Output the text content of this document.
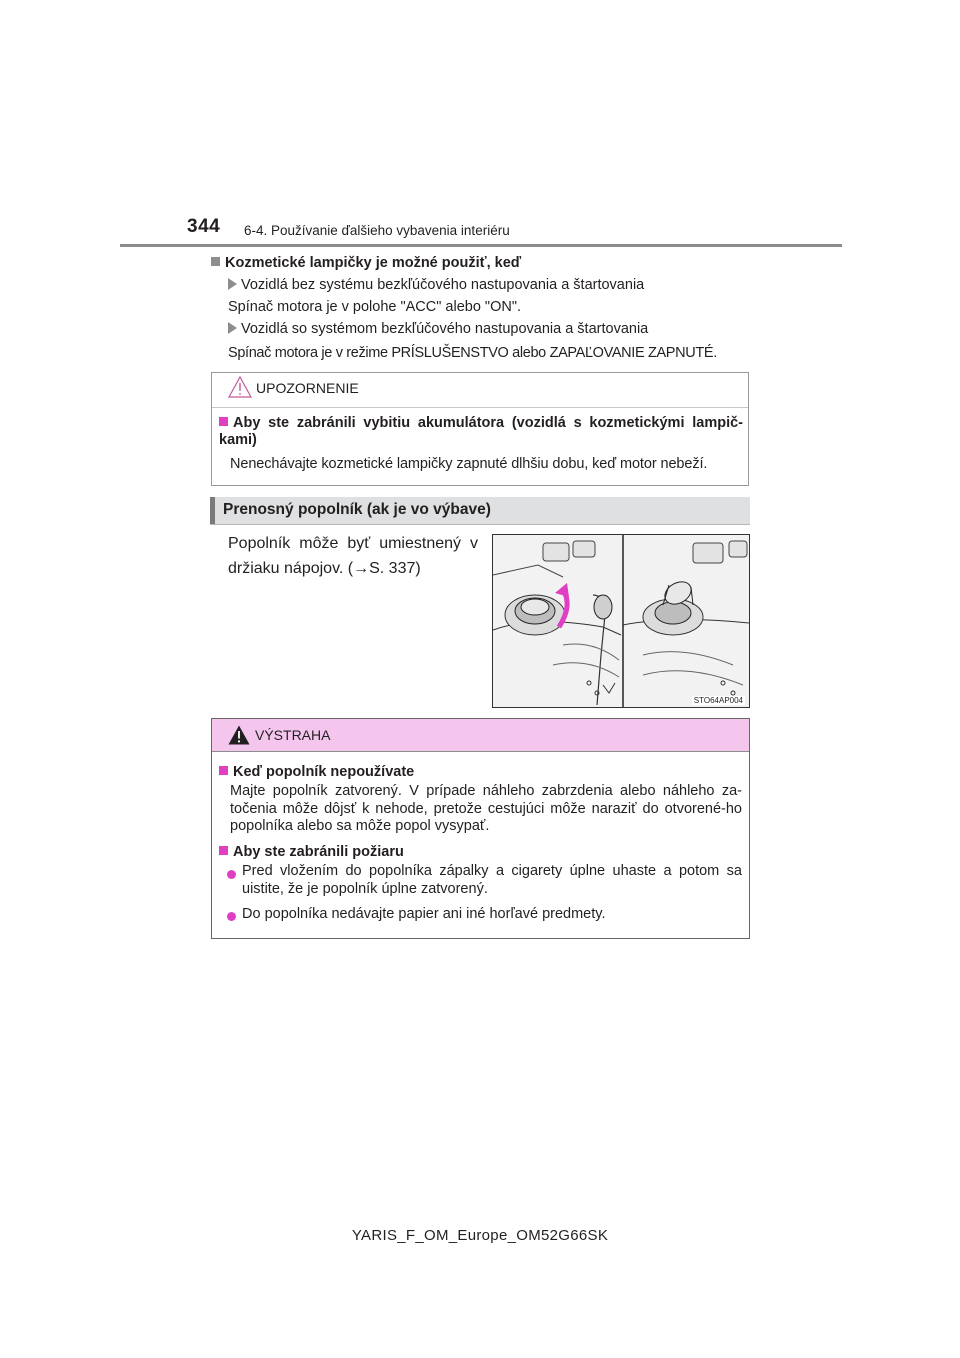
344 6-4. Používanie ďalšieho vybavenia interiéru
Kozmetické lampičky je možné použiť, keď
Vozidlá bez systému bezkľúčového nastupovania a štartovania
Spínač motora je v polohe "ACC" alebo "ON".
Vozidlá so systémom bezkľúčového nastupovania a štartovania
Spínač motora je v režime PRÍSLUŠENSTVO alebo ZAPAĽOVANIE ZAPNUTÉ.
UPOZORNENIE
Aby ste zabránili vybitiu akumulátora (vozidlá s kozmetickými lampič-kami)
Nenechávajte kozmetické lampičky zapnuté dlhšiu dobu, keď motor nebeží.
Prenosný popolník (ak je vo výbave)
Popolník môže byť umiestnený v držiaku nápojov. (→S. 337)
STO64AP004
VÝSTRAHA
Keď popolník nepoužívate
Majte popolník zatvorený. V prípade náhleho zabrzdenia alebo náhleho za-točenia môže dôjsť k nehode, pretože cestujúci môže naraziť do otvorené-ho popolníka alebo sa môže popol vysypať.
Aby ste zabránili požiaru
Pred vložením do popolníka zápalky a cigarety úplne uhaste a potom sa uistite, že je popolník úplne zatvorený.
Do popolníka nedávajte papier ani iné horľavé predmety.
YARIS_F_OM_Europe_OM52G66SK
